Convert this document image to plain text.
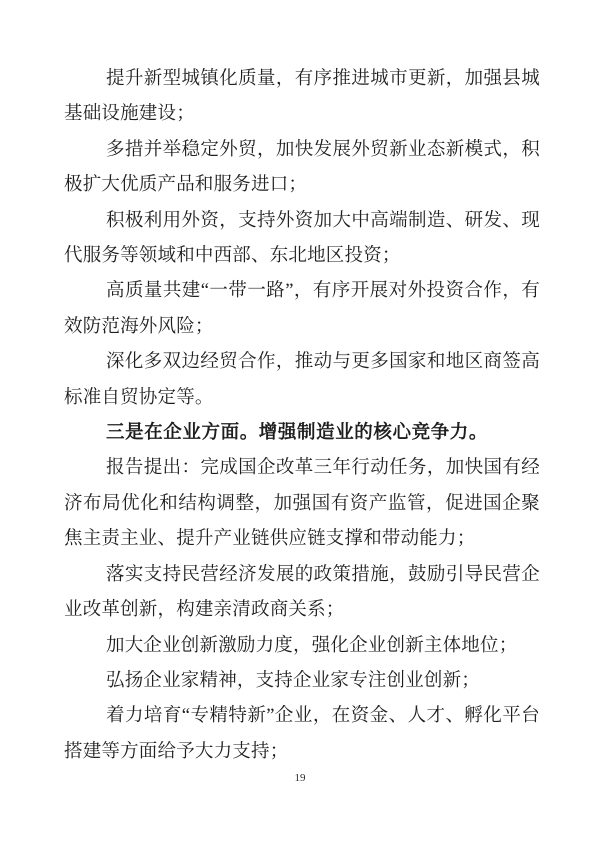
提升新型城镇化质量，有序推进城市更新，加强县城基础设施建设；

多措并举稳定外贸，加快发展外贸新业态新模式，积极扩大优质产品和服务进口；

积极利用外资，支持外资加大中高端制造、研发、现代服务等领域和中西部、东北地区投资；

高质量共建“一带一路”，有序开展对外投资合作，有效防范海外风险；

深化多双边经贸合作，推动与更多国家和地区商签高标准自贸协定等。

三是在企业方面。增强制造业的核心竞争力。

报告提出：完成国企改革三年行动任务，加快国有经济布局优化和结构调整，加强国有资产监管，促进国企聚焦主责主业、提升产业链供应链支撑和带动能力；

落实支持民营经济发展的政策措施，鼓励引导民营企业改革创新，构建亲清政商关系；

加大企业创新激励力度，强化企业创新主体地位；

弘扬企业家精神，支持企业家专注创业创新；

着力培育“专精特新”企业，在资金、人才、孵化平台搭建等方面给予大力支持；

19
